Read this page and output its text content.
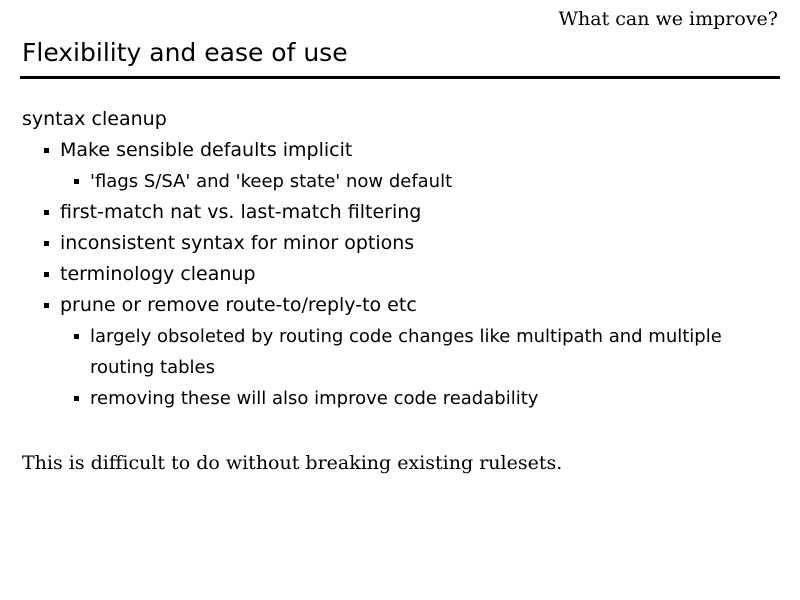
What can we improve?
Flexibility and ease of use
syntax cleanup
Make sensible defaults implicit
'flags S/SA' and 'keep state' now default
first-match nat vs. last-match filtering
inconsistent syntax for minor options
terminology cleanup
prune or remove route-to/reply-to etc
largely obsoleted by routing code changes like multipath and multiple routing tables
removing these will also improve code readability
This is difficult to do without breaking existing rulesets.
